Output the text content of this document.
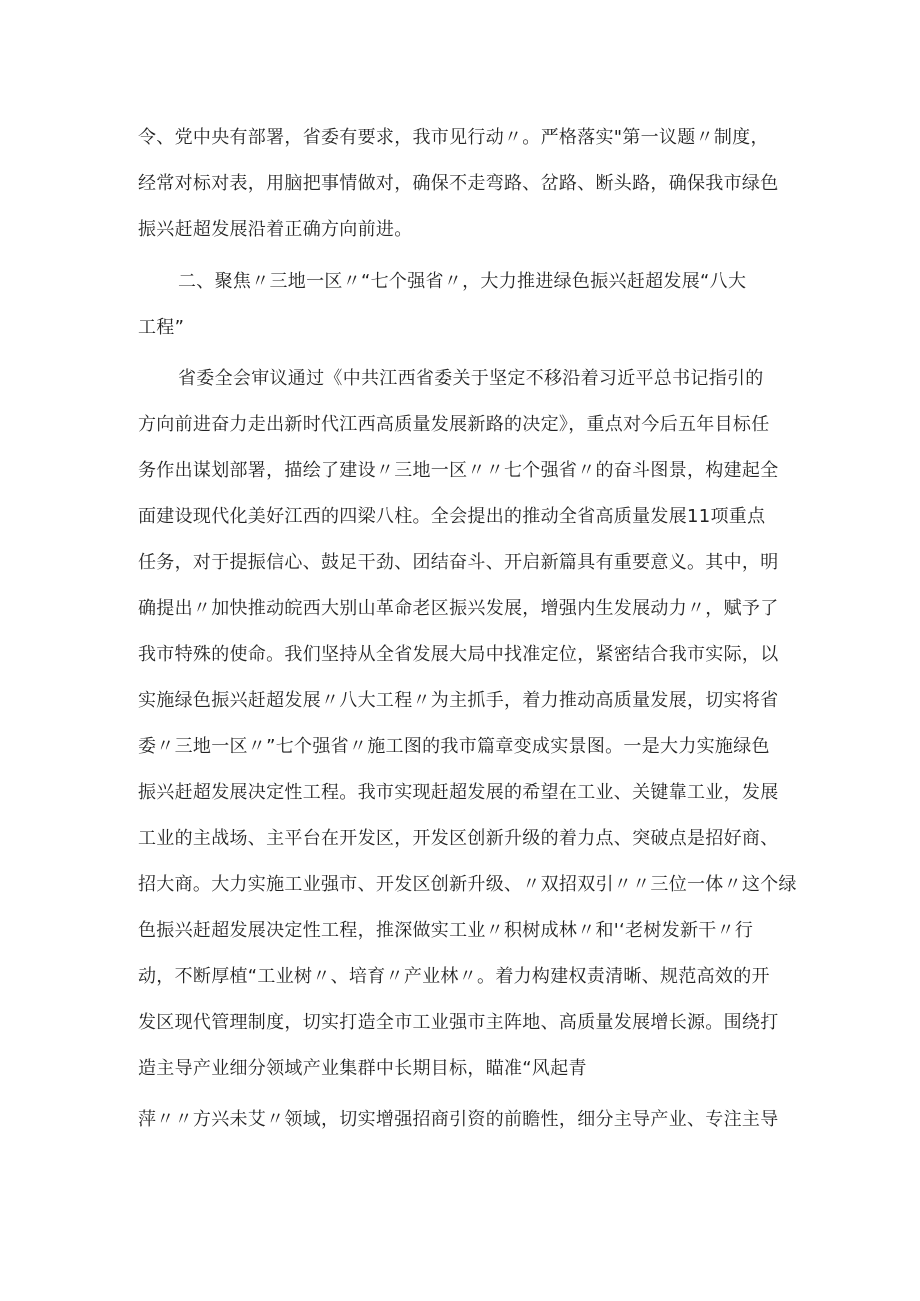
令、党中央有部署，省委有要求，我市见行动〃。严格落实"第一议题〃制度，
经常对标对表，用脑把事情做对，确保不走弯路、岔路、断头路，确保我市绿色
振兴赶超发展沿着正确方向前进。
二、聚焦〃三地一区〃“七个强省〃，大力推进绿色振兴赶超发展“八大
工程”
省委全会审议通过《中共江西省委关于坚定不移沿着习近平总书记指引的
方向前进奋力走出新时代江西高质量发展新路的决定》，重点对今后五年目标任
务作出谋划部署，描绘了建设〃三地一区〃〃七个强省〃的奋斗图景，构建起全
面建设现代化美好江西的四梁八柱。全会提出的推动全省高质量发展11项重点
任务，对于提振信心、鼓足干劲、团结奋斗、开启新篇具有重要意义。其中，明
确提出〃加快推动皖西大别山革命老区振兴发展，增强内生发展动力〃，赋予了
我市特殊的使命。我们坚持从全省发展大局中找准定位，紧密结合我市实际，以
实施绿色振兴赶超发展〃八大工程〃为主抓手，着力推动高质量发展，切实将省
委〃三地一区〃”七个强省〃施工图的我市篇章变成实景图。一是大力实施绿色
振兴赶超发展决定性工程。我市实现赶超发展的希望在工业、关键靠工业，发展
工业的主战场、主平台在开发区，开发区创新升级的着力点、突破点是招好商、
招大商。大力实施工业强市、开发区创新升级、〃双招双引〃〃三位一体〃这个绿
色振兴赶超发展决定性工程，推深做实工业〃积树成林〃和'‘老树发新干〃行
动，不断厚植“工业树〃、培育〃产业林〃。着力构建权责清晰、规范高效的开
发区现代管理制度，切实打造全市工业强市主阵地、高质量发展增长源。围绕打
造主导产业细分领域产业集群中长期目标，瞄准“风起青
萍〃〃方兴未艾〃领域，切实增强招商引资的前瞻性，细分主导产业、专注主导
